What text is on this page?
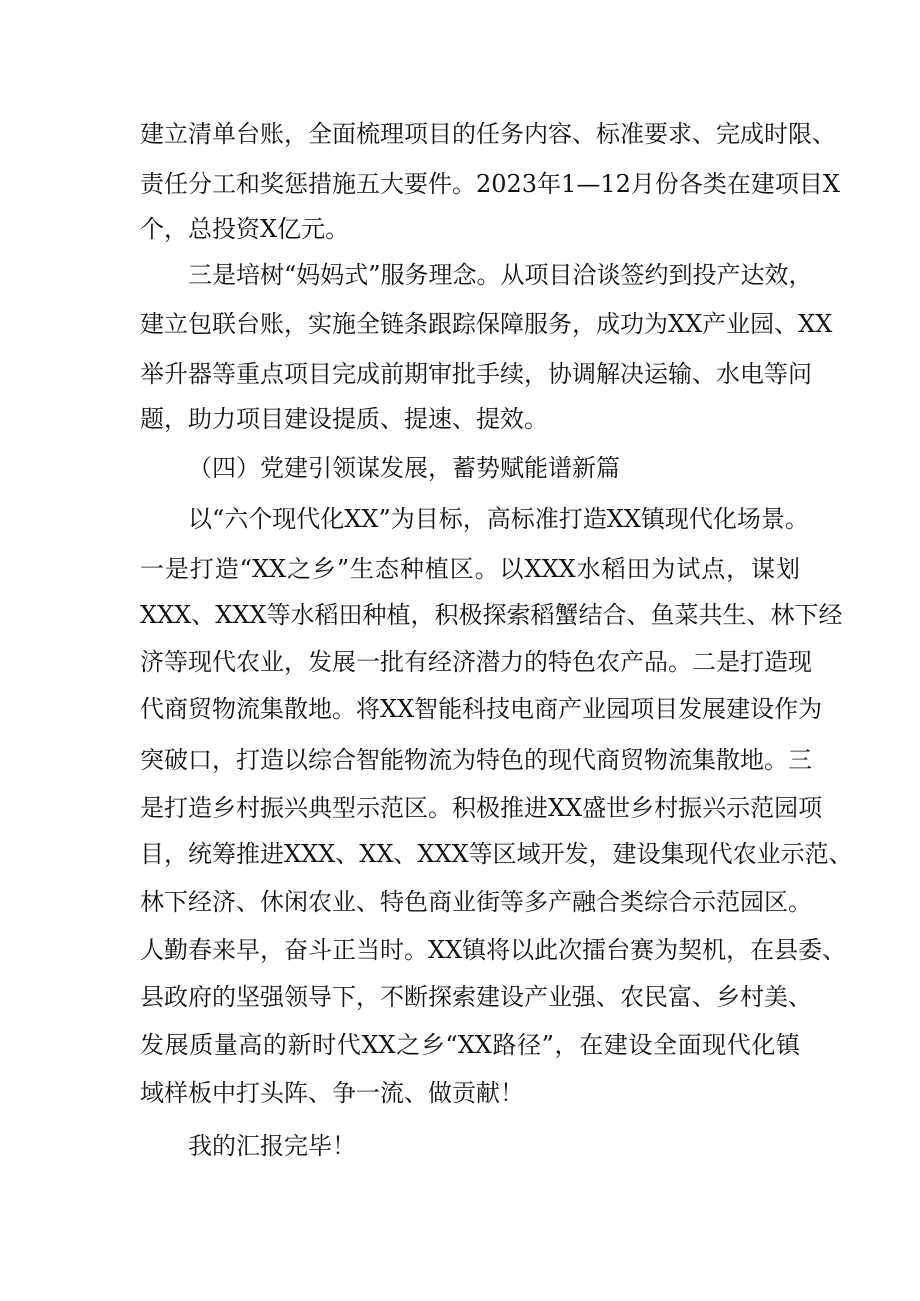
建立清单台账，全面梳理项目的任务内容、标准要求、完成时限、
责任分工和奖惩措施五大要件。2023年1—12月份各类在建项目X
个，总投资X亿元。
三是培树“妈妈式”服务理念。从项目洽谈签约到投产达效，
建立包联台账，实施全链条跟踪保障服务，成功为XX产业园、XX
举升器等重点项目完成前期审批手续，协调解决运输、水电等问
题，助力项目建设提质、提速、提效。
（四）党建引领谋发展，蓄势赋能谱新篇
以“六个现代化XX”为目标，高标准打造XX镇现代化场景。
一是打造“XX之乡”生态种植区。以XXX水稻田为试点，谋划
XXX、XXX等水稻田种植，积极探索稻蟹结合、鱼菜共生、林下经
济等现代农业，发展一批有经济潜力的特色农产品。二是打造现
代商贸物流集散地。将XX智能科技电商产业园项目发展建设作为
突破口，打造以综合智能物流为特色的现代商贸物流集散地。三
是打造乡村振兴典型示范区。积极推进XX盛世乡村振兴示范园项
目，统筹推进XXX、XX、XXX等区域开发，建设集现代农业示范、
林下经济、休闲农业、特色商业街等多产融合类综合示范园区。
人勤春来早，奋斗正当时。XX镇将以此次擂台赛为契机，在县委、
县政府的坚强领导下，不断探索建设产业强、农民富、乡村美、
发展质量高的新时代XX之乡“XX路径”，在建设全面现代化镇
域样板中打头阵、争一流、做贡献！
我的汇报完毕！
